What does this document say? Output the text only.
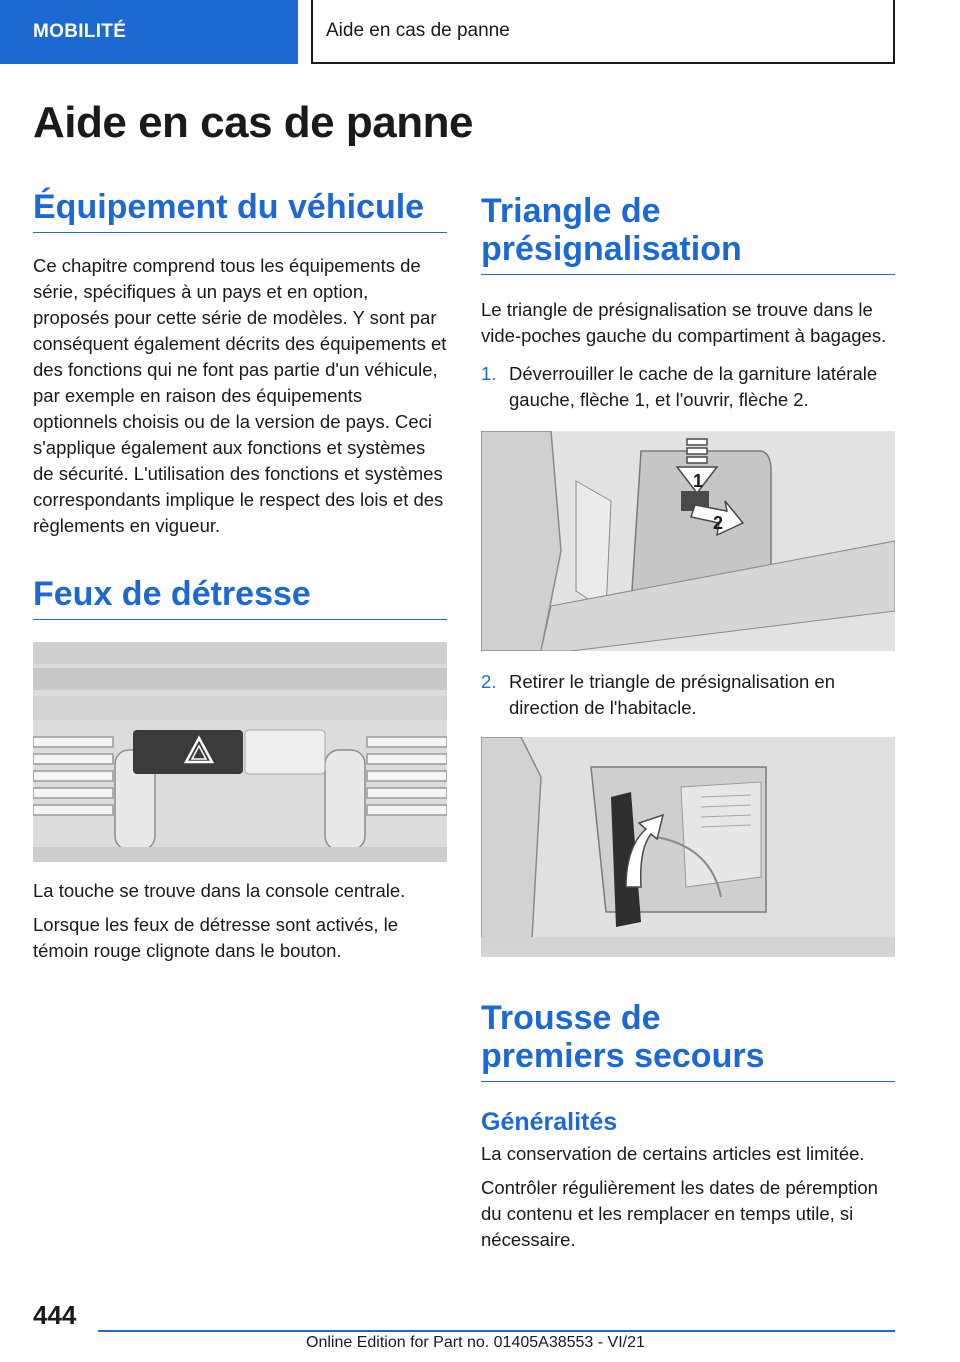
MOBILITÉ	Aide en cas de panne
Aide en cas de panne
Équipement du véhicule

Ce chapitre comprend tous les équipements de série, spécifiques à un pays et en option, proposés pour cette série de modèles. Y sont par conséquent également décrits des équipements et des fonctions qui ne font pas partie d'un véhicule, par exemple en raison des équipements optionnels choisis ou de la version de pays. Ceci s'applique également aux fonctions et systèmes de sécurité. L'utilisation des fonctions et systèmes correspondants implique le respect des lois et des règlements en vigueur.

Feux de détresse

La touche se trouve dans la console centrale.

Lorsque les feux de détresse sont activés, le témoin rouge clignote dans le bouton.

Triangle de présignalisation

Le triangle de présignalisation se trouve dans le vide-poches gauche du compartiment à bagages.

1. Déverrouiller le cache de la garniture latérale gauche, flèche 1, et l'ouvrir, flèche 2.
1
2
2. Retirer le triangle de présignalisation en direction de l'habitacle.
Trousse de premiers secours
Généralités

La conservation de certains articles est limitée.

Contrôler régulièrement les dates de péremption du contenu et les remplacer en temps utile, si nécessaire.

444
Online Edition for Part no. 01405A38553 - VI/21
